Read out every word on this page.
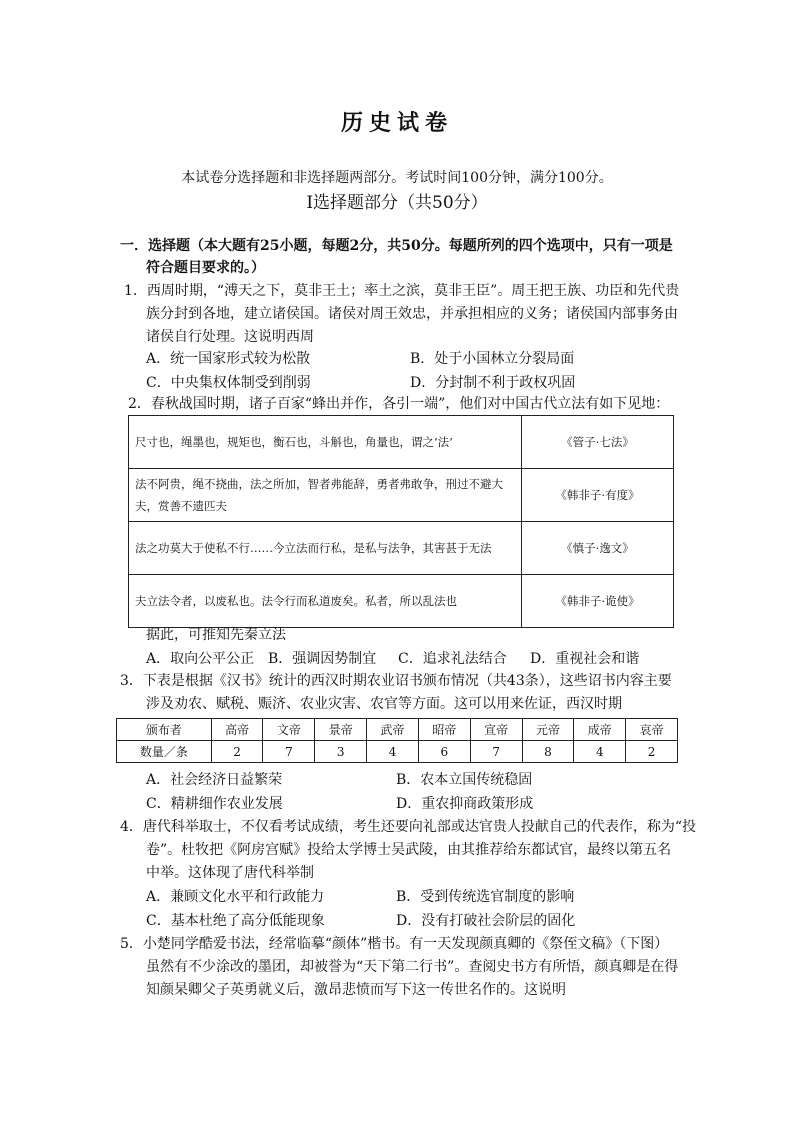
历史试卷
本试卷分选择题和非选择题两部分。考试时间100分钟，满分100分。
Ⅰ选择题部分（共50分）
一．选择题（本大题有25小题，每题2分，共50分。每题所列的四个选项中，只有一项是
符合题目要求的。）
1．西周时期，“溥天之下，莫非王土；率土之滨，莫非王臣”。周王把王族、功臣和先代贵
族分封到各地，建立诸侯国。诸侯对周王效忠，并承担相应的义务；诸侯国内部事务由
诸侯自行处理。这说明西周
A．统一国家形式较为松散	B．处于小国林立分裂局面
C．中央集权体制受到削弱	D．分封制不利于政权巩固
2．春秋战国时期，诸子百家“蜂出并作，各引一端”，他们对中国古代立法有如下见地：
尺寸也，绳墨也，规矩也，衡石也，斗斛也，角量也，谓之‘法’	《管子·七法》
法不阿贵，绳不挠曲，法之所加，智者弗能辞，勇者弗敢争，刑过不避大夫，赏善不遗匹夫	《韩非子·有度》
法之功莫大于使私不行……今立法而行私，是私与法争，其害甚于无法	《慎子·逸文》
夫立法令者，以废私也。法令行而私道废矣。私者，所以乱法也	《韩非子·诡使》
据此，可推知先秦立法
A．取向公平公正 B．强调因势制宜 C．追求礼法结合 D．重视社会和谐
3．下表是根据《汉书》统计的西汉时期农业诏书颁布情况（共43条），这些诏书内容主要
涉及劝农、赋税、赈济、农业灾害、农官等方面。这可以用来佐证，西汉时期
颁布者	高帝	文帝	景帝	武帝	昭帝	宣帝	元帝	成帝	哀帝
数量／条	2	7	3	4	6	7	8	4	2
A．社会经济日益繁荣	B．农本立国传统稳固
C．精耕细作农业发展	D．重农抑商政策形成
4．唐代科举取士，不仅看考试成绩，考生还要向礼部或达官贵人投献自己的代表作，称为“投
卷”。杜牧把《阿房宫赋》投给太学博士吴武陵，由其推荐给东都试官，最终以第五名
中举。这体现了唐代科举制
A．兼顾文化水平和行政能力	B．受到传统选官制度的影响
C．基本杜绝了高分低能现象	D．没有打破社会阶层的固化
5．小楚同学酷爱书法，经常临摹“颜体”楷书。有一天发现颜真卿的《祭侄文稿》（下图）
虽然有不少涂改的墨团，却被誉为“天下第二行书”。查阅史书方有所悟，颜真卿是在得
知颜杲卿父子英勇就义后，激昂悲愤而写下这一传世名作的。这说明
